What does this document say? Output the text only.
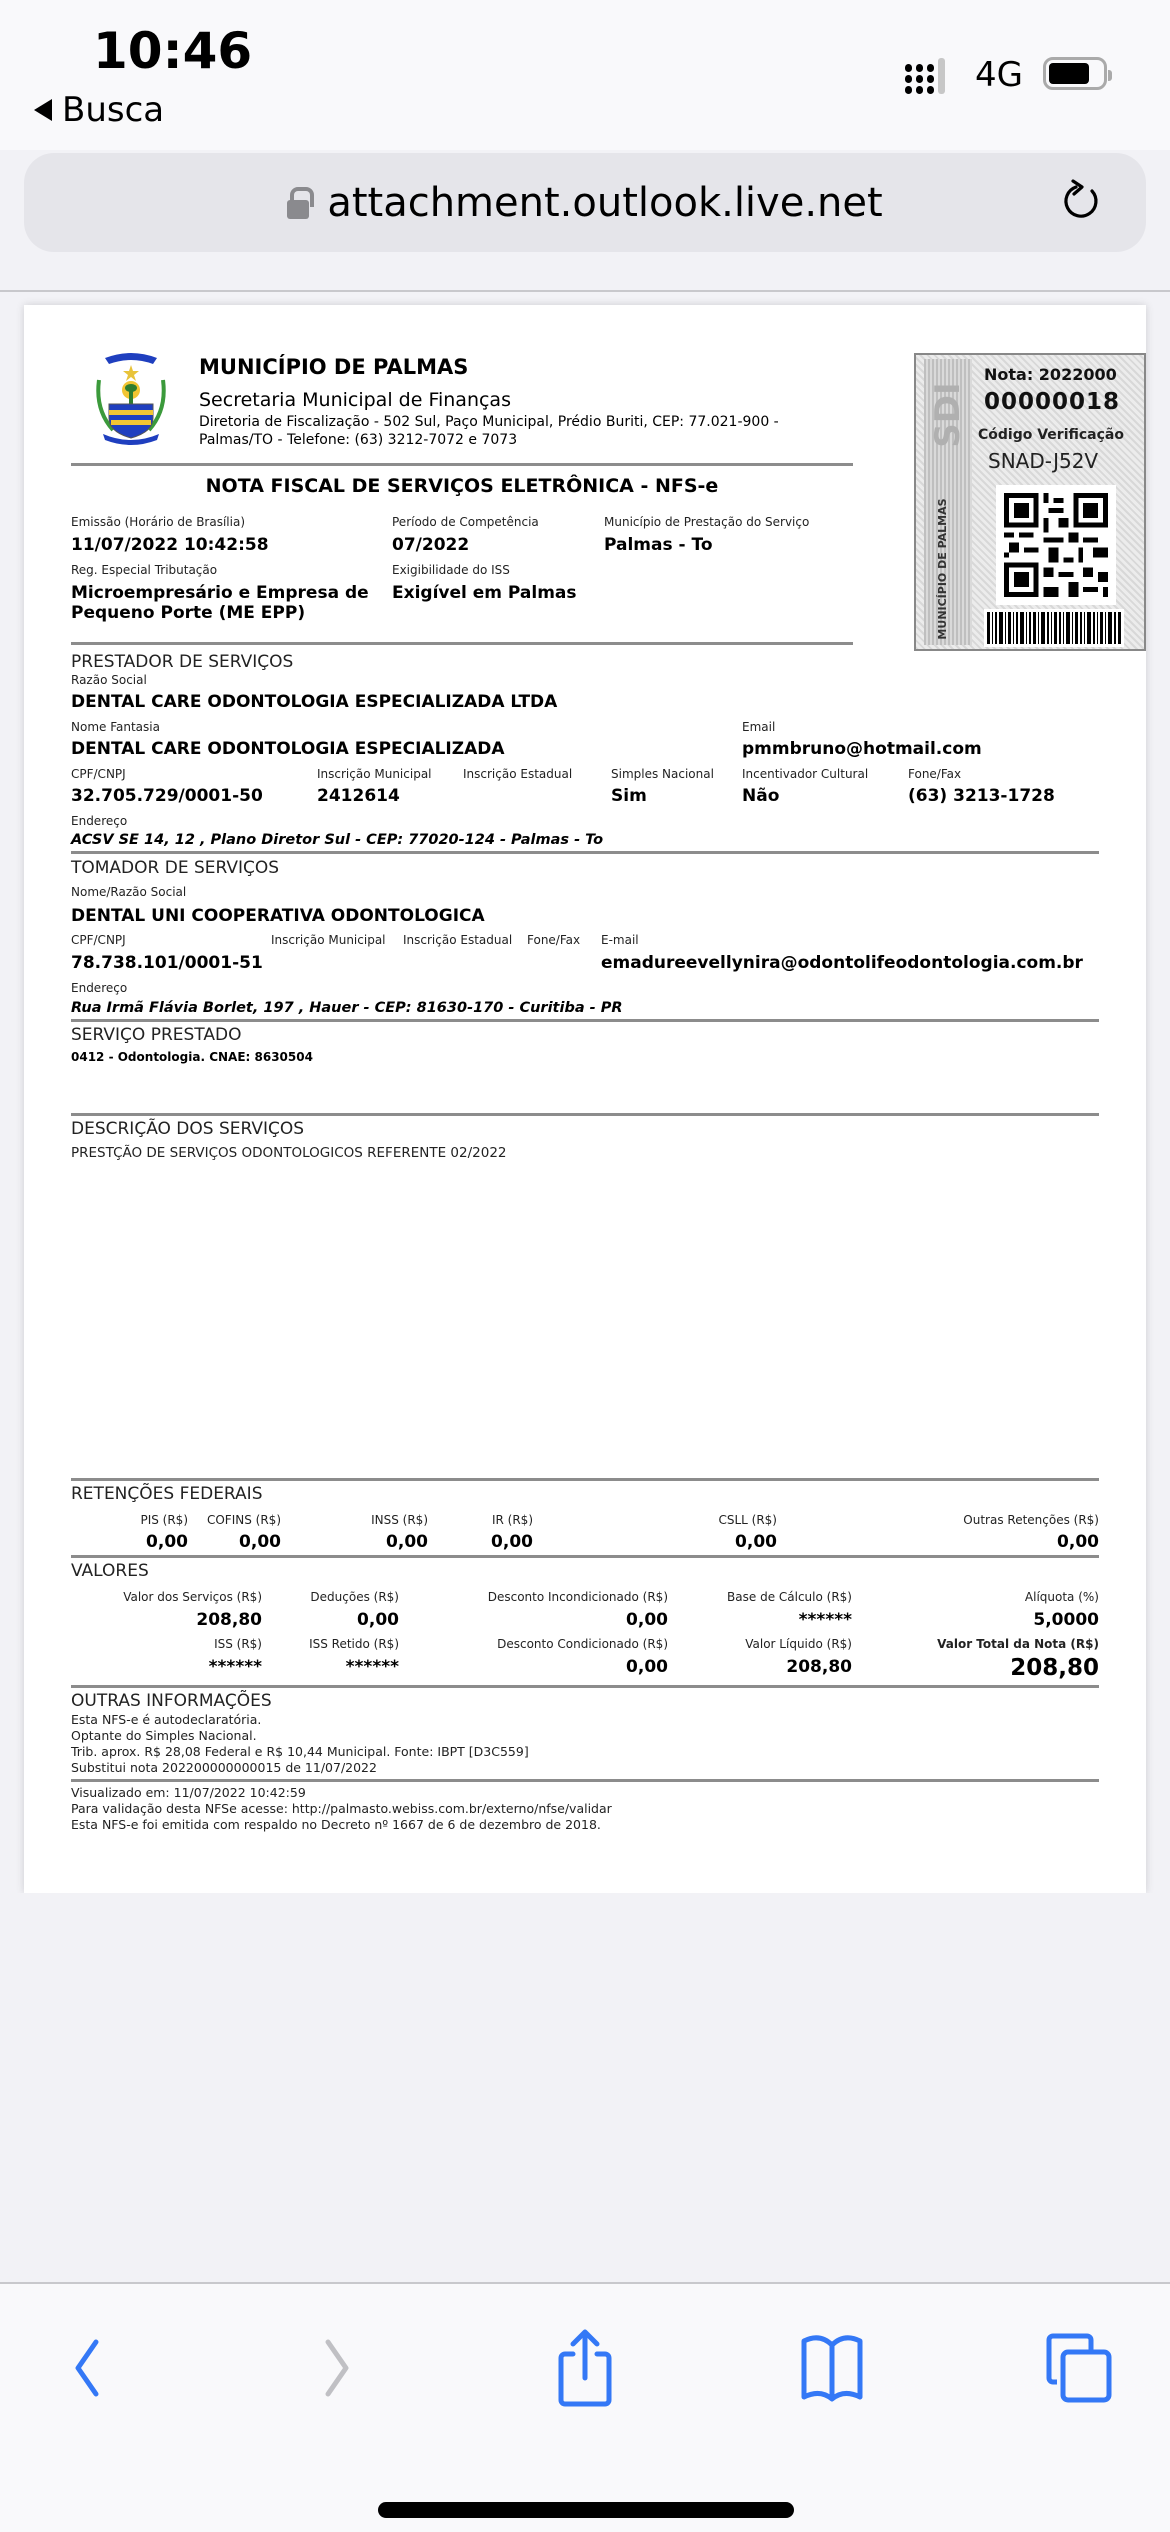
10:46
Busca
4G
attachment.outlook.live.net
MUNICÍPIO DE PALMAS
Secretaria Municipal de Finanças
Diretoria de Fiscalização - 502 Sul, Paço Municipal, Prédio Buriti, CEP: 77.021-900 - Palmas/TO - Telefone: (63) 3212-7072 e 7073	SDI
MUNICÍPIO DE PALMAS
Nota: 2022000
00000018
Código Verificação
SNAD-J52V
NOTA FISCAL DE SERVIÇOS ELETRÔNICA - NFS-e
Emissão (Horário de Brasília)
11/07/2022 10:42:58
Período de Competência
07/2022
Município de Prestação do Serviço
Palmas - To
Reg. Especial Tributação
Microempresário e Empresa de
Pequeno Porte (ME EPP)
Exigibilidade do ISS
Exigível em Palmas
PRESTADOR DE SERVIÇOS
Razão Social
DENTAL CARE ODONTOLOGIA ESPECIALIZADA LTDA
Nome Fantasia
DENTAL CARE ODONTOLOGIA ESPECIALIZADA
Email
pmmbruno@hotmail.com
CPF/CNPJ
32.705.729/0001-50
Inscrição Municipal
2412614
Inscrição Estadual	Simples Nacional
Sim
Incentivador Cultural
Não
Fone/Fax
(63) 3213-1728
Endereço
ACSV SE 14, 12 , Plano Diretor Sul - CEP: 77020-124 - Palmas - To
TOMADOR DE SERVIÇOS
Nome/Razão Social
DENTAL UNI COOPERATIVA ODONTOLOGICA
CPF/CNPJ
78.738.101/0001-51
Inscrição Municipal Inscrição Estadual Fone/Fax E-mail
emadureevellynira@odontolifeodontologia.com.br
Endereço
Rua Irmã Flávia Borlet, 197 , Hauer - CEP: 81630-170 - Curitiba - PR
SERVIÇO PRESTADO
0412 - Odontologia. CNAE: 8630504
DESCRIÇÃO DOS SERVIÇOS
PRESTÇÃO DE SERVIÇOS ODONTOLOGICOS REFERENTE 02/2022
RETENÇÕES FEDERAIS
PIS (R$)
0,00
COFINS (R$)
0,00
INSS (R$)
0,00
IR (R$)
0,00
CSLL (R$)
0,00
Outras Retenções (R$)
0,00
VALORES
Valor dos Serviços (R$)
208,80
Deduções (R$)
0,00
Desconto Incondicionado (R$)
0,00
Base de Cálculo (R$)
******
Alíquota (%)
5,0000
ISS (R$)
******
ISS Retido (R$)
******
Desconto Condicionado (R$)
0,00
Valor Líquido (R$)
208,80
Valor Total da Nota (R$)
208,80
OUTRAS INFORMAÇÕES
Esta NFS-e é autodeclaratória.
Optante do Simples Nacional.
Trib. aprox. R$ 28,08 Federal e R$ 10,44 Municipal. Fonte: IBPT [D3C559]
Substitui nota 202200000000015 de 11/07/2022
Visualizado em: 11/07/2022 10:42:59
Para validação desta NFSe acesse: http://palmasto.webiss.com.br/externo/nfse/validar
Esta NFS-e foi emitida com respaldo no Decreto nº 1667 de 6 de dezembro de 2018.
